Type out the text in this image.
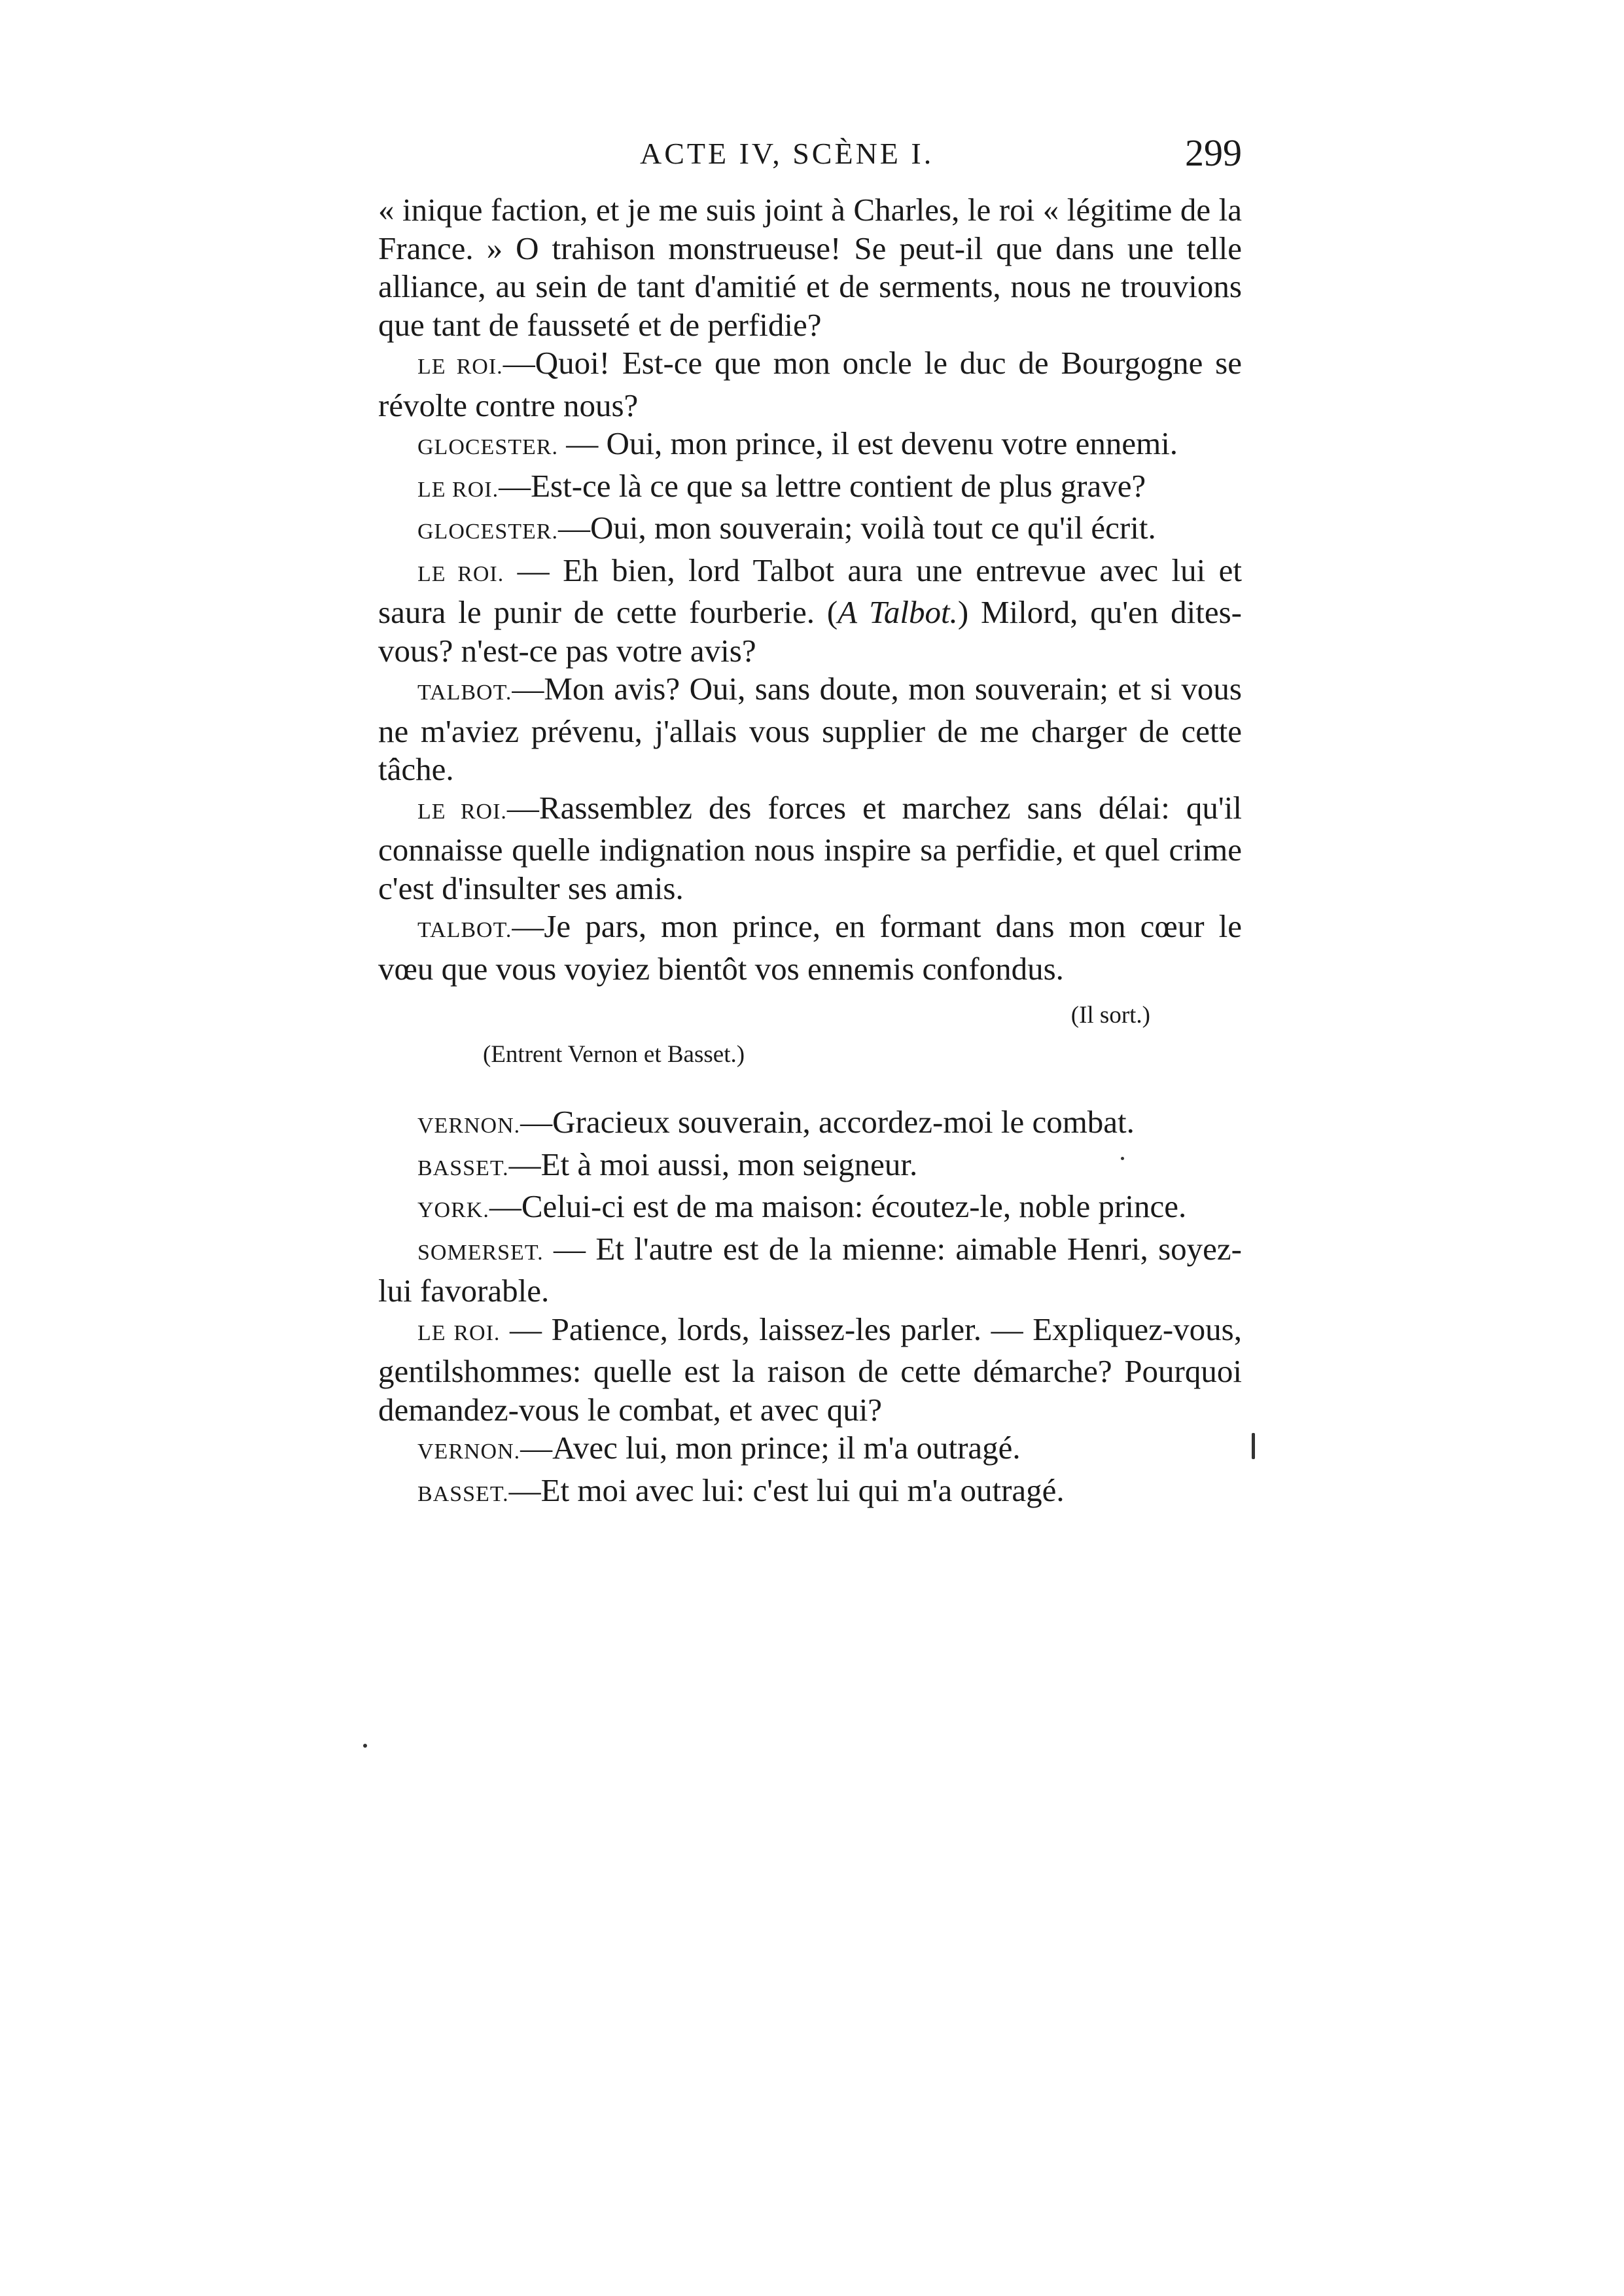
ACTE IV, SCÈNE I.	299

« inique faction, et je me suis joint à Charles, le roi « légitime de la France. » O trahison monstrueuse! Se peut-il que dans une telle alliance, au sein de tant d'amitié et de serments, nous ne trouvions que tant de fausseté et de perfidie?

LE ROI.—Quoi! Est-ce que mon oncle le duc de Bourgogne se révolte contre nous?

GLOCESTER. — Oui, mon prince, il est devenu votre ennemi.

LE ROI.—Est-ce là ce que sa lettre contient de plus grave?

GLOCESTER.—Oui, mon souverain; voilà tout ce qu'il écrit.

LE ROI. — Eh bien, lord Talbot aura une entrevue avec lui et saura le punir de cette fourberie. (A Talbot.) Milord, qu'en dites-vous? n'est-ce pas votre avis?

TALBOT.—Mon avis? Oui, sans doute, mon souverain; et si vous ne m'aviez prévenu, j'allais vous supplier de me charger de cette tâche.

LE ROI.—Rassemblez des forces et marchez sans délai: qu'il connaisse quelle indignation nous inspire sa perfidie, et quel crime c'est d'insulter ses amis.

TALBOT.—Je pars, mon prince, en formant dans mon cœur le vœu que vous voyiez bientôt vos ennemis confondus.

(Il sort.)

(Entrent Vernon et Basset.)

VERNON.—Gracieux souverain, accordez-moi le combat.

BASSET.—Et à moi aussi, mon seigneur.

YORK.—Celui-ci est de ma maison: écoutez-le, noble prince.

SOMERSET. — Et l'autre est de la mienne: aimable Henri, soyez-lui favorable.

LE ROI. — Patience, lords, laissez-les parler. — Expliquez-vous, gentilshommes: quelle est la raison de cette démarche? Pourquoi demandez-vous le combat, et avec qui?

VERNON.—Avec lui, mon prince; il m'a outragé.

BASSET.—Et moi avec lui: c'est lui qui m'a outragé.
